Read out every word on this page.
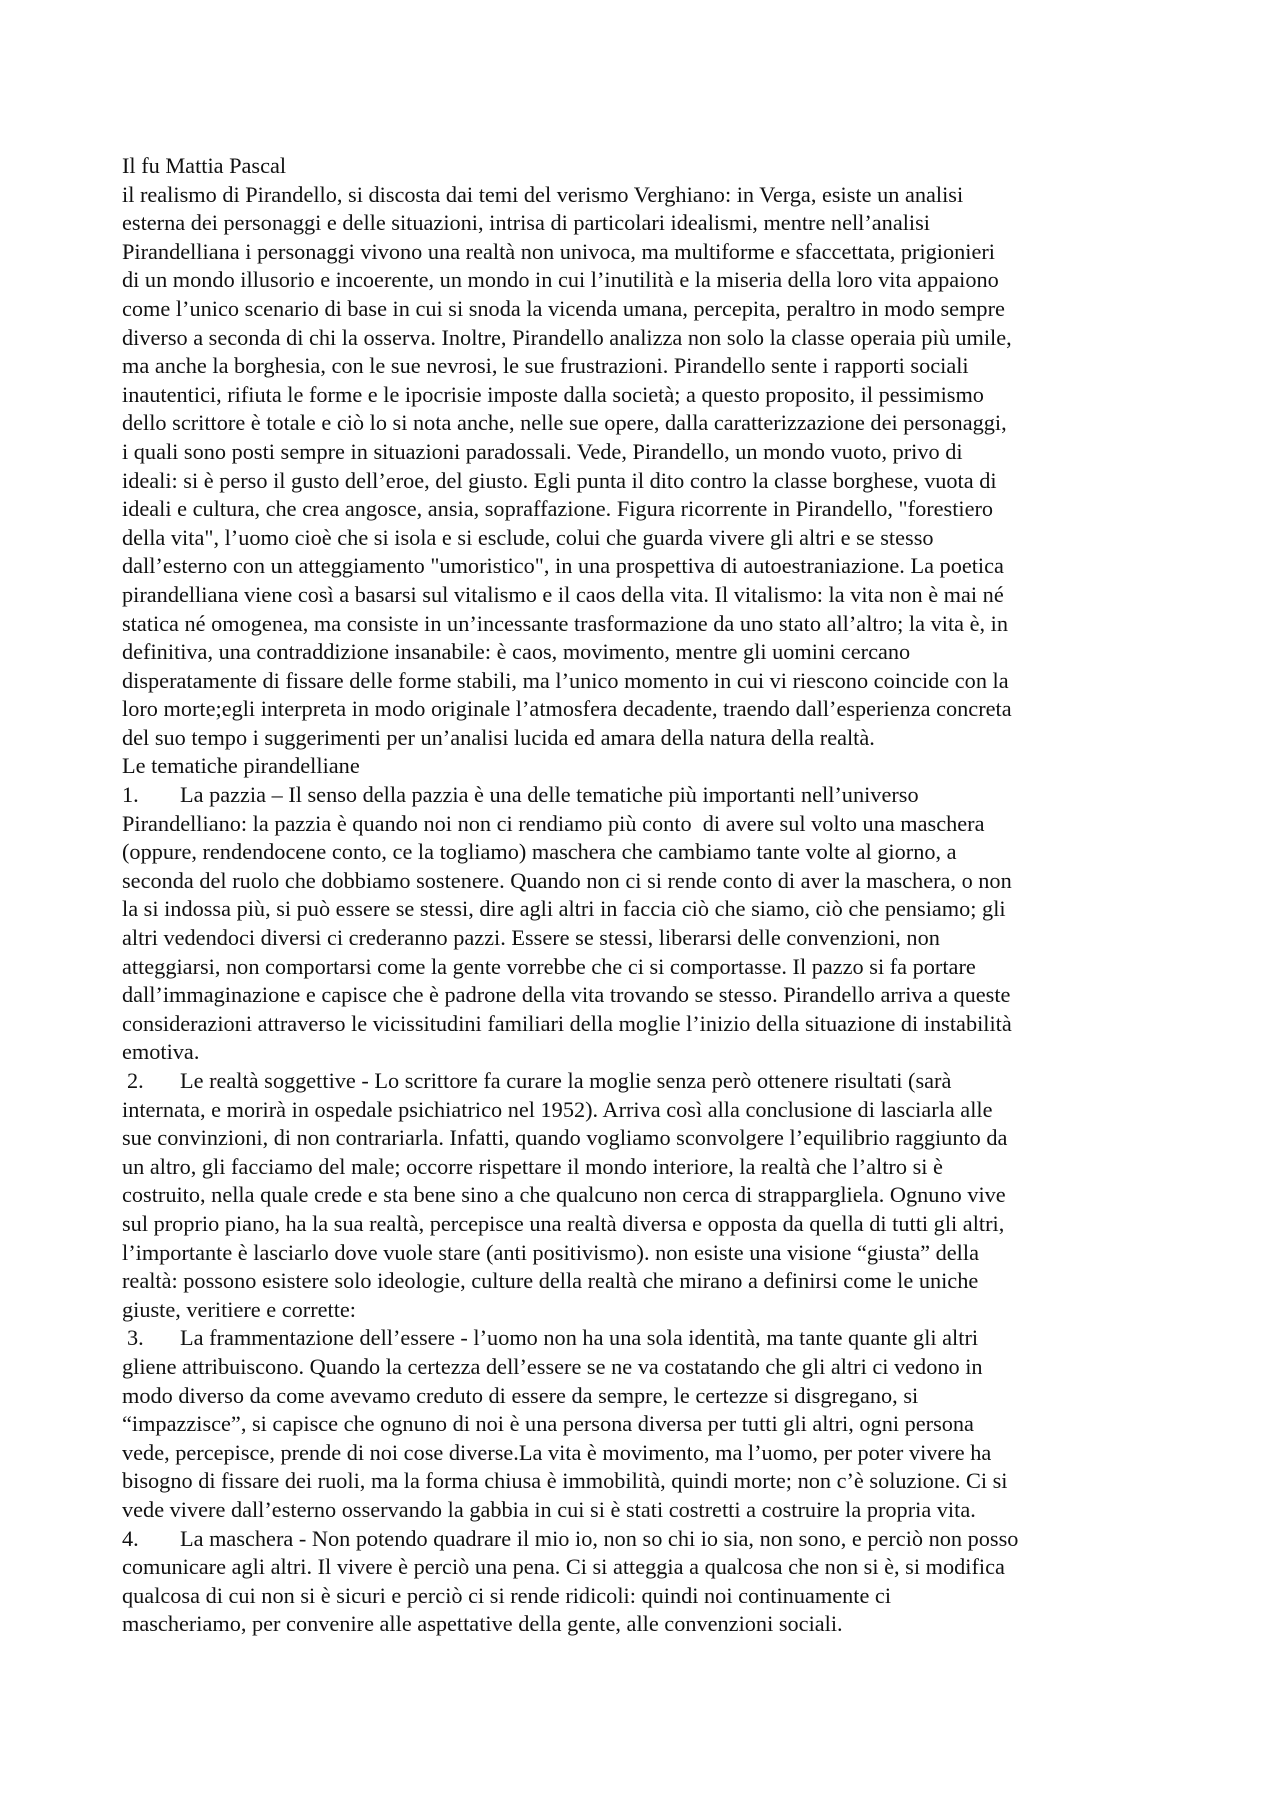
Il fu Mattia Pascal
il realismo di Pirandello, si discosta dai temi del verismo Verghiano: in Verga, esiste un analisi
esterna dei personaggi e delle situazioni, intrisa di particolari idealismi, mentre nell’analisi
Pirandelliana i personaggi vivono una realtà non univoca, ma multiforme e sfaccettata, prigionieri
di un mondo illusorio e incoerente, un mondo in cui l’inutilità e la miseria della loro vita appaiono
come l’unico scenario di base in cui si snoda la vicenda umana, percepita, peraltro in modo sempre
diverso a seconda di chi la osserva. Inoltre, Pirandello analizza non solo la classe operaia più umile,
ma anche la borghesia, con le sue nevrosi, le sue frustrazioni. Pirandello sente i rapporti sociali
inautentici, rifiuta le forme e le ipocrisie imposte dalla società; a questo proposito, il pessimismo
dello scrittore è totale e ciò lo si nota anche, nelle sue opere, dalla caratterizzazione dei personaggi,
i quali sono posti sempre in situazioni paradossali. Vede, Pirandello, un mondo vuoto, privo di
ideali: si è perso il gusto dell’eroe, del giusto. Egli punta il dito contro la classe borghese, vuota di
ideali e cultura, che crea angosce, ansia, sopraffazione. Figura ricorrente in Pirandello, "forestiero
della vita", l’uomo cioè che si isola e si esclude, colui che guarda vivere gli altri e se stesso
dall’esterno con un atteggiamento "umoristico", in una prospettiva di autoestraniazione. La poetica
pirandelliana viene così a basarsi sul vitalismo e il caos della vita. Il vitalismo: la vita non è mai né
statica né omogenea, ma consiste in un’incessante trasformazione da uno stato all’altro; la vita è, in
definitiva, una contraddizione insanabile: è caos, movimento, mentre gli uomini cercano
disperatamente di fissare delle forme stabili, ma l’unico momento in cui vi riescono coincide con la
loro morte;egli interpreta in modo originale l’atmosfera decadente, traendo dall’esperienza concreta
del suo tempo i suggerimenti per un’analisi lucida ed amara della natura della realtà.
Le tematiche pirandelliane
1. La pazzia – Il senso della pazzia è una delle tematiche più importanti nell’universo
Pirandelliano: la pazzia è quando noi non ci rendiamo più conto  di avere sul volto una maschera
(oppure, rendendocene conto, ce la togliamo) maschera che cambiamo tante volte al giorno, a
seconda del ruolo che dobbiamo sostenere. Quando non ci si rende conto di aver la maschera, o non
la si indossa più, si può essere se stessi, dire agli altri in faccia ciò che siamo, ciò che pensiamo; gli
altri vedendoci diversi ci crederanno pazzi. Essere se stessi, liberarsi delle convenzioni, non
atteggiarsi, non comportarsi come la gente vorrebbe che ci si comportasse. Il pazzo si fa portare
dall’immaginazione e capisce che è padrone della vita trovando se stesso. Pirandello arriva a queste
considerazioni attraverso le vicissitudini familiari della moglie l’inizio della situazione di instabilità
emotiva.
2. Le realtà soggettive - Lo scrittore fa curare la moglie senza però ottenere risultati (sarà
internata, e morirà in ospedale psichiatrico nel 1952). Arriva così alla conclusione di lasciarla alle
sue convinzioni, di non contrariarla. Infatti, quando vogliamo sconvolgere l’equilibrio raggiunto da
un altro, gli facciamo del male; occorre rispettare il mondo interiore, la realtà che l’altro si è
costruito, nella quale crede e sta bene sino a che qualcuno non cerca di strappargliela. Ognuno vive
sul proprio piano, ha la sua realtà, percepisce una realtà diversa e opposta da quella di tutti gli altri,
l’importante è lasciarlo dove vuole stare (anti positivismo). non esiste una visione “giusta” della
realtà: possono esistere solo ideologie, culture della realtà che mirano a definirsi come le uniche
giuste, veritiere e corrette:
3. La frammentazione dell’essere - l’uomo non ha una sola identità, ma tante quante gli altri
gliene attribuiscono. Quando la certezza dell’essere se ne va costatando che gli altri ci vedono in
modo diverso da come avevamo creduto di essere da sempre, le certezze si disgregano, si
“impazzisce”, si capisce che ognuno di noi è una persona diversa per tutti gli altri, ogni persona
vede, percepisce, prende di noi cose diverse.La vita è movimento, ma l’uomo, per poter vivere ha
bisogno di fissare dei ruoli, ma la forma chiusa è immobilità, quindi morte; non c’è soluzione. Ci si
vede vivere dall’esterno osservando la gabbia in cui si è stati costretti a costruire la propria vita.
4. La maschera - Non potendo quadrare il mio io, non so chi io sia, non sono, e perciò non posso
comunicare agli altri. Il vivere è perciò una pena. Ci si atteggia a qualcosa che non si è, si modifica
qualcosa di cui non si è sicuri e perciò ci si rende ridicoli: quindi noi continuamente ci
mascheriamo, per convenire alle aspettative della gente, alle convenzioni sociali.
